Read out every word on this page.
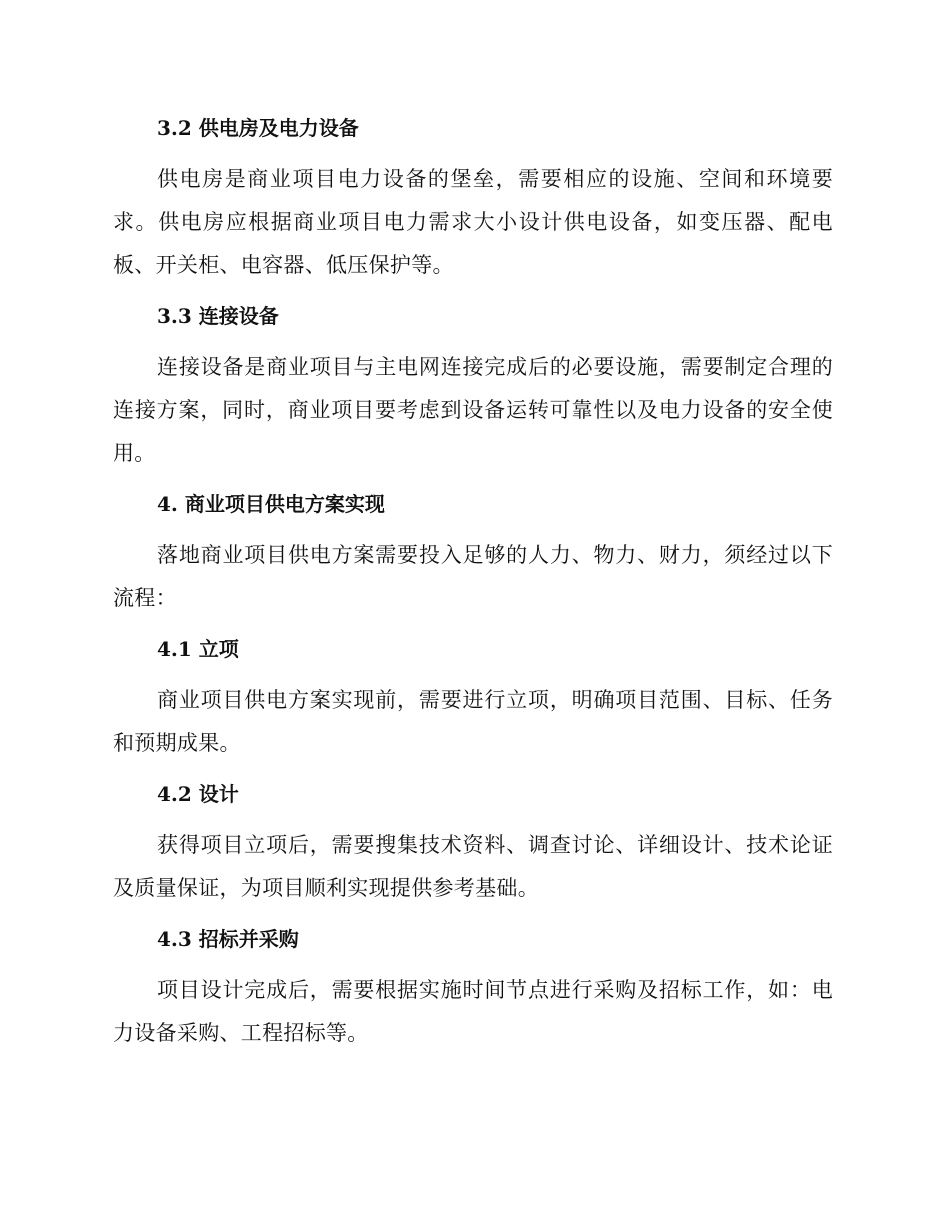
3.2 供电房及电力设备

供电房是商业项目电力设备的堡垒，需要相应的设施、空间和环境要求。供电房应根据商业项目电力需求大小设计供电设备，如变压器、配电板、开关柜、电容器、低压保护等。

3.3 连接设备

连接设备是商业项目与主电网连接完成后的必要设施，需要制定合理的连接方案，同时，商业项目要考虑到设备运转可靠性以及电力设备的安全使用。

4. 商业项目供电方案实现

落地商业项目供电方案需要投入足够的人力、物力、财力，须经过以下流程：

4.1 立项

商业项目供电方案实现前，需要进行立项，明确项目范围、目标、任务和预期成果。

4.2 设计

获得项目立项后，需要搜集技术资料、调查讨论、详细设计、技术论证及质量保证，为项目顺利实现提供参考基础。

4.3 招标并采购

项目设计完成后，需要根据实施时间节点进行采购及招标工作，如：电力设备采购、工程招标等。
